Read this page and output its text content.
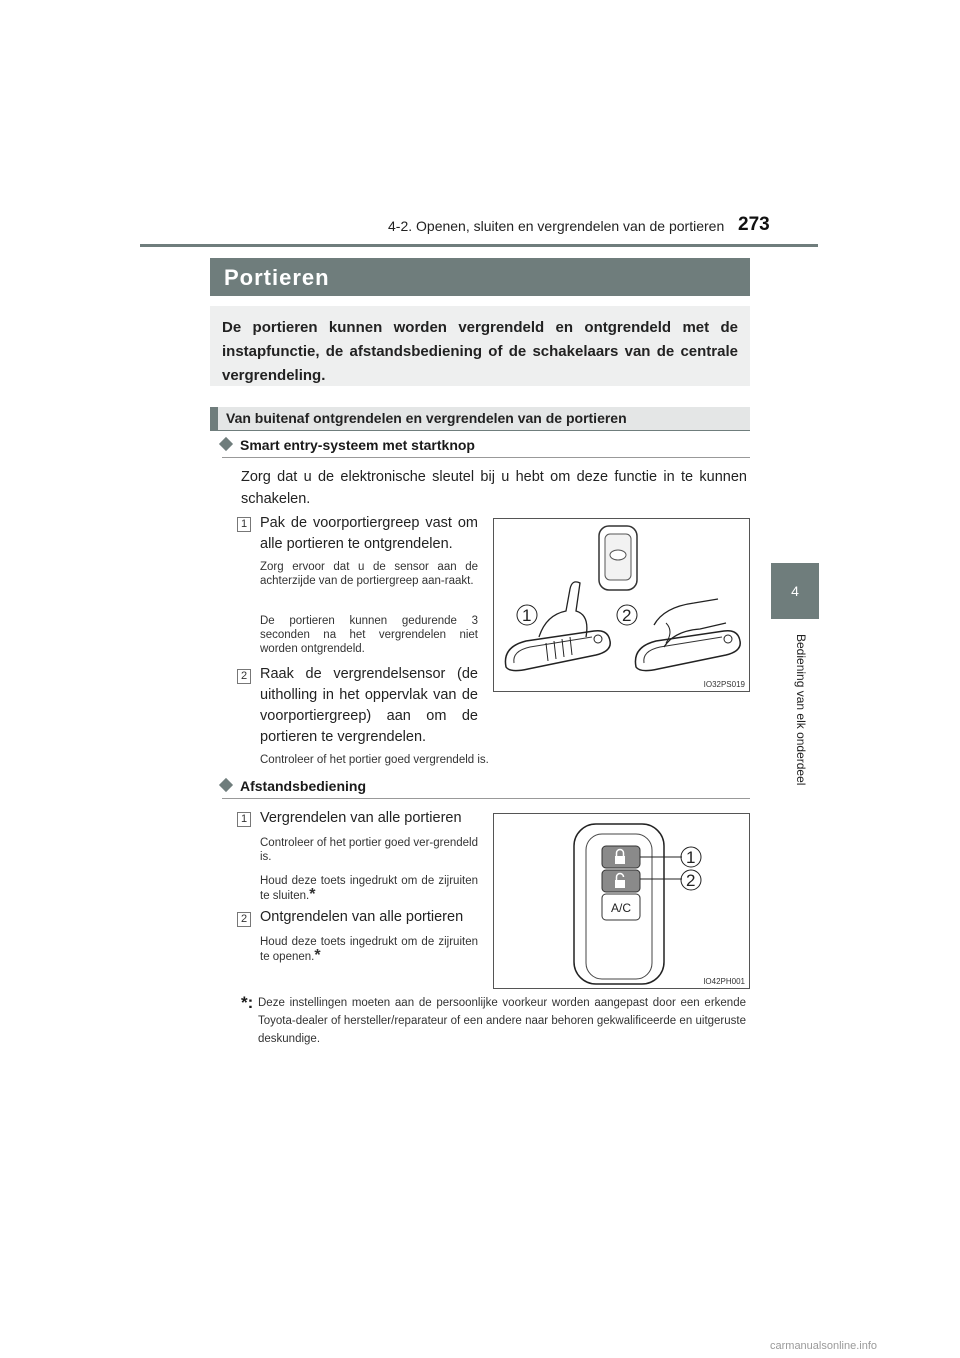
4-2. Openen, sluiten en vergrendelen van de portieren 273
4
Bediening van elk onderdeel
Portieren
De portieren kunnen worden vergrendeld en ontgrendeld met de instapfunctie, de afstandsbediening of de schakelaars van de centrale vergrendeling.
Van buitenaf ontgrendelen en vergrendelen van de portieren
Smart entry-systeem met startknop
Zorg dat u de elektronische sleutel bij u hebt om deze functie in te kunnen schakelen.
1 Pak de voorportiergreep vast om alle portieren te ontgrendelen.
Zorg ervoor dat u de sensor aan de achterzijde van de portiergreep aan-raakt.
De portieren kunnen gedurende 3 seconden na het vergrendelen niet worden ontgrendeld.
2 Raak de vergrendelsensor (de uitholling in het oppervlak van de voorportiergreep) aan om de portieren te vergrendelen.
Controleer of het portier goed vergrendeld is.
1	2
IO32PS019
Afstandsbediening
1 Vergrendelen van alle portieren
Controleer of het portier goed ver-grendeld is.
Houd deze toets ingedrukt om de zijruiten te sluiten.*
2 Ontgrendelen van alle portieren
Houd deze toets ingedrukt om de zijruiten te openen.*
A/C
1
2
IO42PH001
*: Deze instellingen moeten aan de persoonlijke voorkeur worden aangepast door een erkende Toyota-dealer of hersteller/reparateur of een andere naar behoren gekwalificeerde en uitgeruste deskundige.
carmanualsonline.info
